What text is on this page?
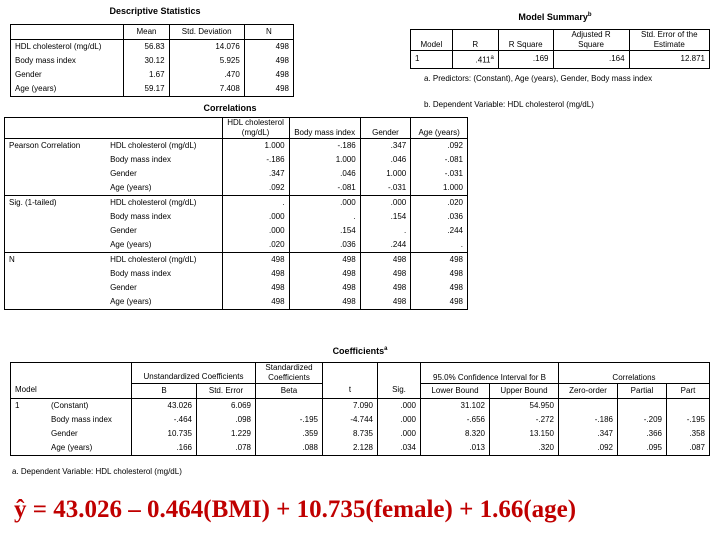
Descriptive Statistics
	Mean	Std. Deviation	N
HDL cholesterol (mg/dL)	56.83	14.076	498
Body mass index	30.12	5.925	498
Gender	1.67	.470	498
Age (years)	59.17	7.408	498
Model Summary$^b$
Model	R	R Square	Adjusted R Square	Std. Error of the Estimate
1	.411$^a$	.169	.164	12.871
a. Predictors: (Constant), Age (years), Gender, Body mass index
b. Dependent Variable: HDL cholesterol (mg/dL)
Correlations
		HDL cholesterol (mg/dL)	Body mass index	Gender	Age (years)
Pearson Correlation	HDL cholesterol (mg/dL)	1.000	-.186	.347	.092
	Body mass index	-.186	1.000	.046	-.081
	Gender	.347	.046	1.000	-.031
	Age (years)	.092	-.081	-.031	1.000
Sig. (1-tailed)	HDL cholesterol (mg/dL)	.	.000	.000	.020
	Body mass index	.000	.	.154	.036
	Gender	.000	.154	.	.244
	Age (years)	.020	.036	.244	.
N	HDL cholesterol (mg/dL)	498	498	498	498
	Body mass index	498	498	498	498
	Gender	498	498	498	498
	Age (years)	498	498	498	498
Coefficients$^a$
		Unstandardized Coefficients		Standardized Coefficients			95.0% Confidence Interval for B		Correlations		

Model		B	Std. Error	Beta	t	Sig.	Lower Bound	Upper Bound	Zero-order	Partial	Part
1	(Constant)	43.026	6.069		7.090	.000	31.102	54.950			
	Body mass index	-.464	.098	-.195	-4.744	.000	-.656	-.272	-.186	-.209	-.195
	Gender	10.735	1.229	.359	8.735	.000	8.320	13.150	.347	.366	.358
	Age (years)	.166	.078	.088	2.128	.034	.013	.320	.092	.095	.087
a. Dependent Variable: HDL cholesterol (mg/dL)
ŷ = 43.026 – 0.464(BMI) + 10.735(female) + 1.66(age)
